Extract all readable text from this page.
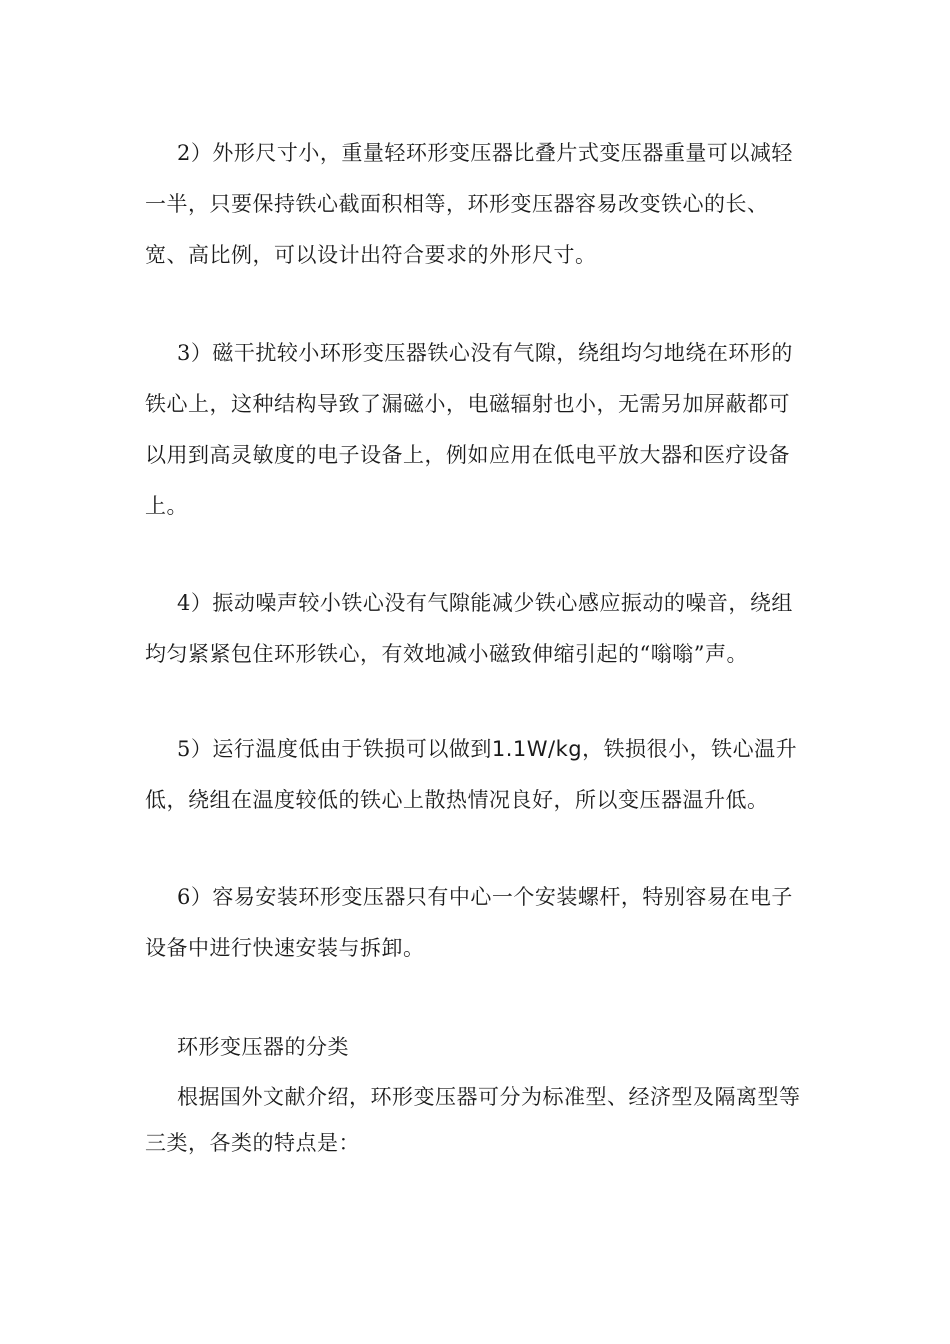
2）外形尺寸小，重量轻环形变压器比叠片式变压器重量可以减轻一半，只要保持铁心截面积相等，环形变压器容易改变铁心的长、宽、高比例，可以设计出符合要求的外形尺寸。

3）磁干扰较小环形变压器铁心没有气隙，绕组均匀地绕在环形的铁心上，这种结构导致了漏磁小，电磁辐射也小，无需另加屏蔽都可以用到高灵敏度的电子设备上，例如应用在低电平放大器和医疗设备上。

4）振动噪声较小铁心没有气隙能减少铁心感应振动的噪音，绕组均匀紧紧包住环形铁心，有效地减小磁致伸缩引起的“嗡嗡”声。

5）运行温度低由于铁损可以做到1.1W/kg，铁损很小，铁心温升低，绕组在温度较低的铁心上散热情况良好，所以变压器温升低。

6）容易安装环形变压器只有中心一个安装螺杆，特别容易在电子设备中进行快速安装与拆卸。

环形变压器的分类

根据国外文献介绍，环形变压器可分为标准型、经济型及隔离型等三类，各类的特点是：
